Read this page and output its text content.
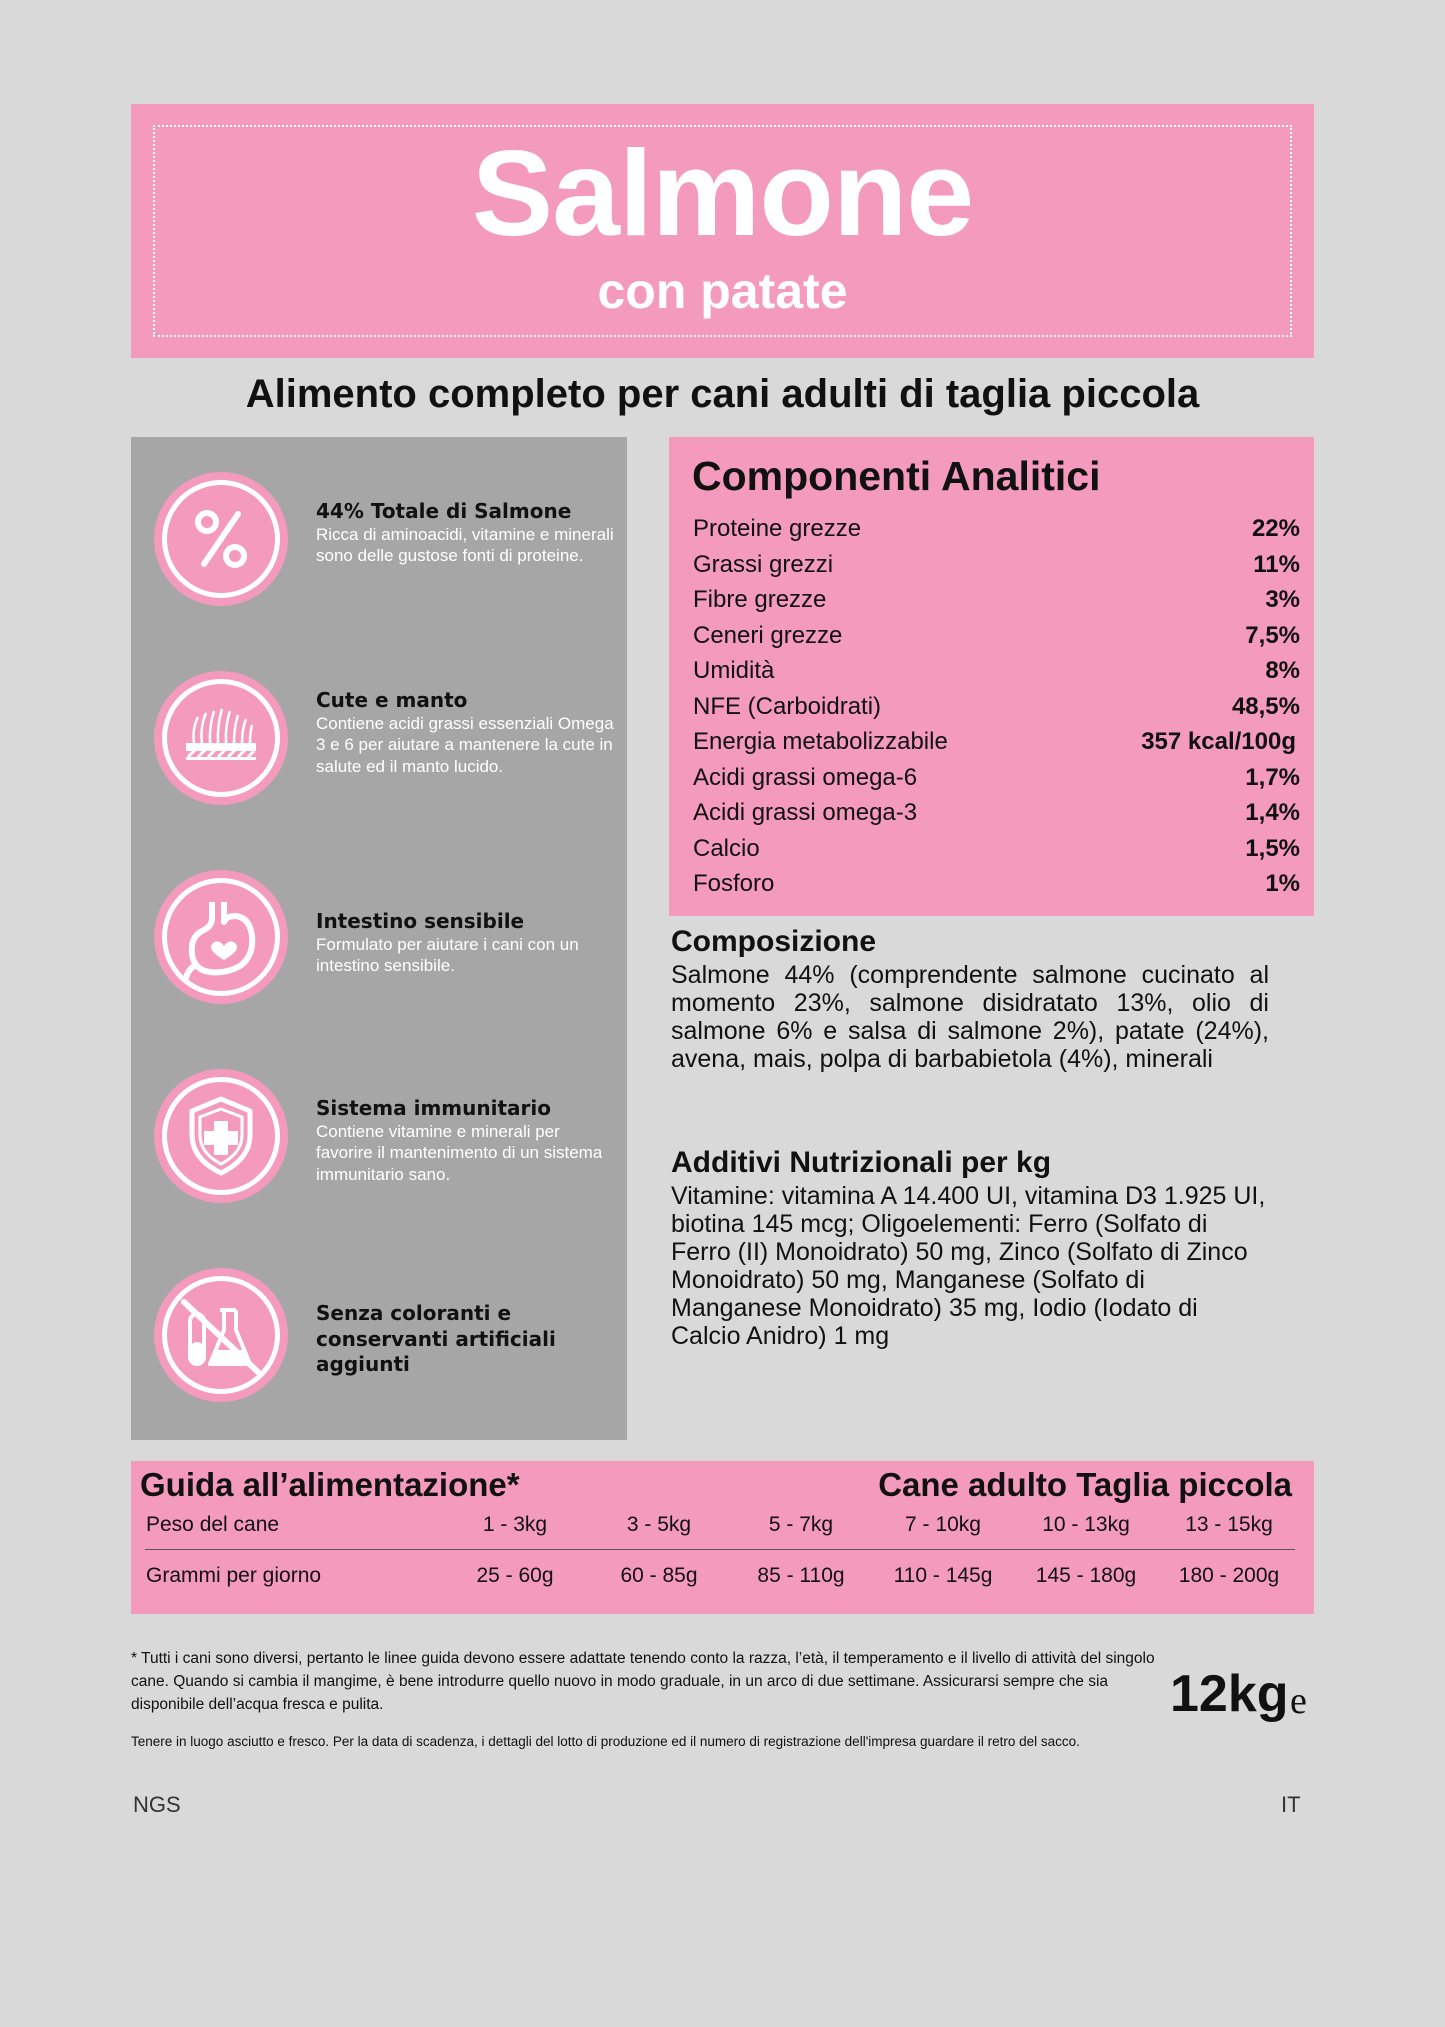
Salmone
con patate
Alimento completo per cani adulti di taglia piccola
44% Totale di Salmone
Ricca di aminoacidi, vitamine e minerali sono delle gustose fonti di proteine.
Cute e manto
Contiene acidi grassi essenziali Omega 3 e 6 per aiutare a mantenere la cute in salute ed il manto lucido.
Intestino sensibile
Formulato per aiutare i cani con un intestino sensibile.
Sistema immunitario
Contiene vitamine e minerali per favorire il mantenimento di un sistema immunitario sano.
Senza coloranti e conservanti artificiali aggiunti
Componenti Analitici
Proteine grezze	22%
Grassi grezzi	11%
Fibre grezze	3%
Ceneri grezze	7,5%
Umidità	8%
NFE (Carboidrati)	48,5%
Energia metabolizzabile	357 kcal/100g
Acidi grassi omega-6	1,7%
Acidi grassi omega-3	1,4%
Calcio	1,5%
Fosforo	1%
Composizione
Salmone 44% (comprendente salmone cucinato al momento 23%, salmone disidratato 13%, olio di salmone 6% e salsa di salmone 2%), patate (24%), avena, mais, polpa di barbabietola (4%), minerali
Additivi Nutrizionali per kg
Vitamine: vitamina A 14.400 UI, vitamina D3 1.925 UI, biotina 145 mcg; Oligoelementi: Ferro (Solfato di Ferro (II) Monoidrato) 50 mg, Zinco (Solfato di Zinco Monoidrato) 50 mg, Manganese (Solfato di Manganese Monoidrato) 35 mg, Iodio (Iodato di Calcio Anidro) 1 mg
Guida all’alimentazione*	Cane adulto Taglia piccola
Peso del cane	1 - 3kg	3 - 5kg	5 - 7kg	7 - 10kg	10 - 13kg	13 - 15kg
Grammi per giorno	25 - 60g	60 - 85g	85 - 110g	110 - 145g	145 - 180g	180 - 200g
* Tutti i cani sono diversi, pertanto le linee guida devono essere adattate tenendo conto la razza, l’età, il temperamento e il livello di attività del singolo cane. Quando si cambia il mangime, è bene introdurre quello nuovo in modo graduale, in un arco di due settimane. Assicurarsi sempre che sia disponibile dell’acqua fresca e pulita.
Tenere in luogo asciutto e fresco. Per la data di scadenza, i dettagli del lotto di produzione ed il numero di registrazione dell'impresa guardare il retro del sacco.
12kg e
NGS	IT
